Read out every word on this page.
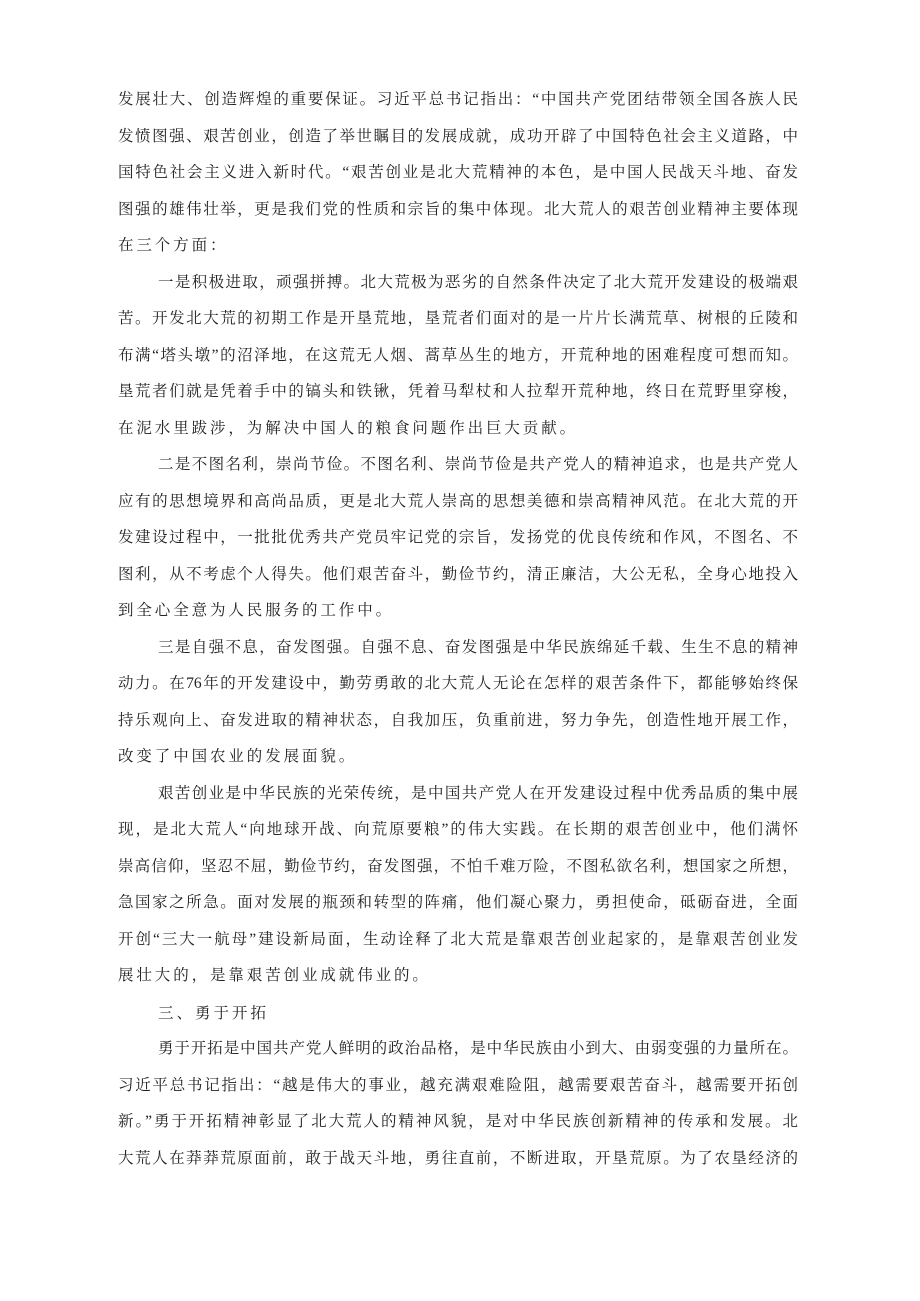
发展壮大、创造辉煌的重要保证。习近平总书记指出：“中国共产党团结带领全国各族人民
发愤图强、艰苦创业，创造了举世瞩目的发展成就，成功开辟了中国特色社会主义道路，中
国特色社会主义进入新时代。“艰苦创业是北大荒精神的本色，是中国人民战天斗地、奋发
图强的雄伟壮举，更是我们党的性质和宗旨的集中体现。北大荒人的艰苦创业精神主要体现
在三个方面：
一是积极进取，顽强拼搏。北大荒极为恶劣的自然条件决定了北大荒开发建设的极端艰
苦。开发北大荒的初期工作是开垦荒地，垦荒者们面对的是一片片长满荒草、树根的丘陵和
布满“塔头墩”的沼泽地，在这荒无人烟、蒿草丛生的地方，开荒种地的困难程度可想而知。
垦荒者们就是凭着手中的镐头和铁锹，凭着马犁杖和人拉犁开荒种地，终日在荒野里穿梭，
在泥水里跋涉，为解决中国人的粮食问题作出巨大贡献。
二是不图名利，崇尚节俭。不图名利、崇尚节俭是共产党人的精神追求，也是共产党人
应有的思想境界和高尚品质，更是北大荒人崇高的思想美德和崇高精神风范。在北大荒的开
发建设过程中，一批批优秀共产党员牢记党的宗旨，发扬党的优良传统和作风，不图名、不
图利，从不考虑个人得失。他们艰苦奋斗，勤俭节约，清正廉洁，大公无私，全身心地投入
到全心全意为人民服务的工作中。
三是自强不息，奋发图强。自强不息、奋发图强是中华民族绵延千载、生生不息的精神
动力。在76年的开发建设中，勤劳勇敢的北大荒人无论在怎样的艰苦条件下，都能够始终保
持乐观向上、奋发进取的精神状态，自我加压，负重前进，努力争先，创造性地开展工作，
改变了中国农业的发展面貌。
艰苦创业是中华民族的光荣传统，是中国共产党人在开发建设过程中优秀品质的集中展
现，是北大荒人“向地球开战、向荒原要粮”的伟大实践。在长期的艰苦创业中，他们满怀
崇高信仰，坚忍不屈，勤俭节约，奋发图强，不怕千难万险，不图私欲名利，想国家之所想，
急国家之所急。面对发展的瓶颈和转型的阵痛，他们凝心聚力，勇担使命，砥砺奋进，全面
开创“三大一航母”建设新局面，生动诠释了北大荒是靠艰苦创业起家的，是靠艰苦创业发
展壮大的，是靠艰苦创业成就伟业的。
三、勇于开拓
勇于开拓是中国共产党人鲜明的政治品格，是中华民族由小到大、由弱变强的力量所在。
习近平总书记指出：“越是伟大的事业，越充满艰难险阻，越需要艰苦奋斗，越需要开拓创
新。”勇于开拓精神彰显了北大荒人的精神风貌，是对中华民族创新精神的传承和发展。北
大荒人在莽莽荒原面前，敢于战天斗地，勇往直前，不断进取，开垦荒原。为了农垦经济的
